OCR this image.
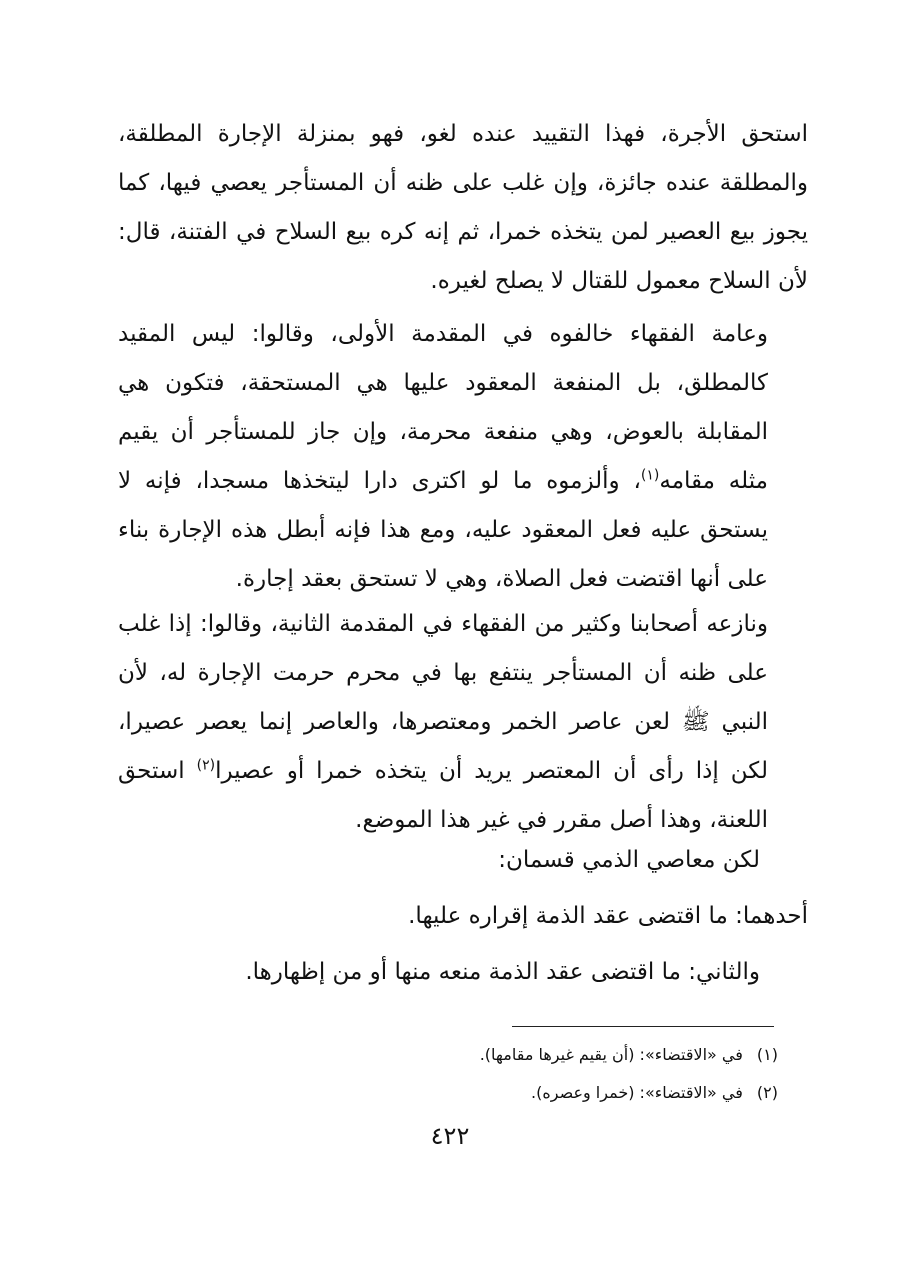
استحق الأجرة، فهذا التقييد عنده لغو، فهو بمنزلة الإجارة المطلقة، والمطلقة عنده جائزة، وإن غلب على ظنه أن المستأجر يعصي فيها، كما يجوز بيع العصير لمن يتخذه خمرا، ثم إنه كره بيع السلاح في الفتنة، قال: لأن السلاح معمول للقتال لا يصلح لغيره.

وعامة الفقهاء خالفوه في المقدمة الأولى، وقالوا: ليس المقيد كالمطلق، بل المنفعة المعقود عليها هي المستحقة، فتكون هي المقابلة بالعوض، وهي منفعة محرمة، وإن جاز للمستأجر أن يقيم مثله مقامه$^{(١)}$، وألزموه ما لو اكترى دارا ليتخذها مسجدا، فإنه لا يستحق عليه فعل المعقود عليه، ومع هذا فإنه أبطل هذه الإجارة بناء على أنها اقتضت فعل الصلاة، وهي لا تستحق بعقد إجارة.

ونازعه أصحابنا وكثير من الفقهاء في المقدمة الثانية، وقالوا: إذا غلب على ظنه أن المستأجر ينتفع بها في محرم حرمت الإجارة له، لأن النبي ﷺ لعن عاصر الخمر ومعتصرها، والعاصر إنما يعصر عصيرا، لكن إذا رأى أن المعتصر يريد أن يتخذه خمرا أو عصيرا$^{(٢)}$ استحق اللعنة، وهذا أصل مقرر في غير هذا الموضع.

لكن معاصي الذمي قسمان:

أحدهما: ما اقتضى عقد الذمة إقراره عليها.

والثاني: ما اقتضى عقد الذمة منعه منها أو من إظهارها.

(١)في «الاقتضاء»: (أن يقيم غيرها مقامها).

(٢)في «الاقتضاء»: (خمرا وعصره).

٤٢٢
